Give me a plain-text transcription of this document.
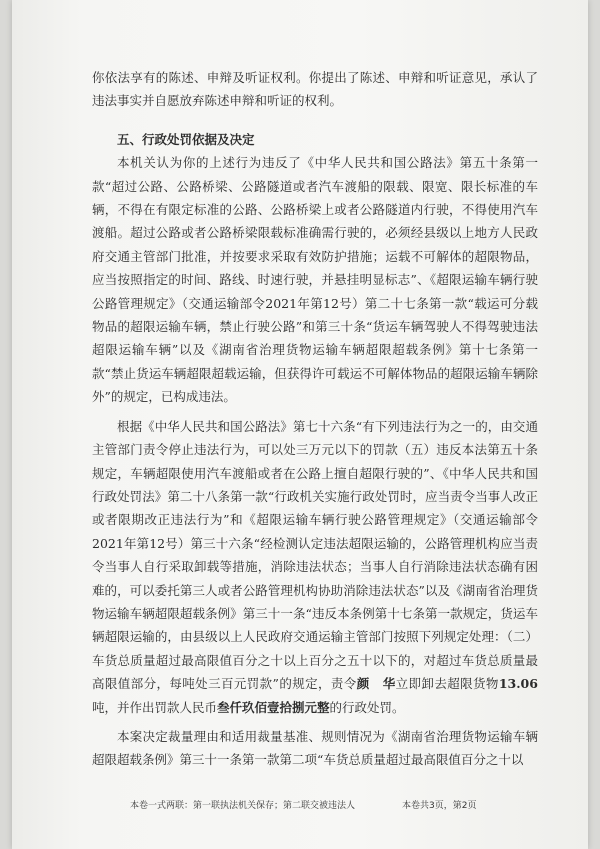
你依法享有的陈述、申辩及听证权利。你提出了陈述、申辩和听证意见，承认了违法事实并自愿放弃陈述申辩和听证的权利。

五、行政处罚依据及决定

本机关认为你的上述行为违反了《中华人民共和国公路法》第五十条第一款“超过公路、公路桥梁、公路隧道或者汽车渡船的限载、限宽、限长标准的车辆，不得在有限定标准的公路、公路桥梁上或者公路隧道内行驶，不得使用汽车渡船。超过公路或者公路桥梁限载标准确需行驶的，必须经县级以上地方人民政府交通主管部门批准，并按要求采取有效防护措施；运载不可解体的超限物品，应当按照指定的时间、路线、时速行驶，并悬挂明显标志”、《超限运输车辆行驶公路管理规定》（交通运输部令2021年第12号）第二十七条第一款“载运可分载物品的超限运输车辆，禁止行驶公路”和第三十条“货运车辆驾驶人不得驾驶违法超限运输车辆”以及《湖南省治理货物运输车辆超限超载条例》第十七条第一款“禁止货运车辆超限超载运输，但获得许可载运不可解体物品的超限运输车辆除外”的规定，已构成违法。

根据《中华人民共和国公路法》第七十六条“有下列违法行为之一的，由交通主管部门责令停止违法行为，可以处三万元以下的罚款（五）违反本法第五十条规定，车辆超限使用汽车渡船或者在公路上擅自超限行驶的”、《中华人民共和国行政处罚法》第二十八条第一款“行政机关实施行政处罚时，应当责令当事人改正或者限期改正违法行为”和《超限运输车辆行驶公路管理规定》（交通运输部令2021年第12号）第三十六条“经检测认定违法超限运输的，公路管理机构应当责令当事人自行采取卸载等措施，消除违法状态；当事人自行消除违法状态确有困难的，可以委托第三人或者公路管理机构协助消除违法状态”以及《湖南省治理货物运输车辆超限超载条例》第三十一条“违反本条例第十七条第一款规定，货运车辆超限运输的，由县级以上人民政府交通运输主管部门按照下列规定处理：（二）车货总质量超过最高限值百分之十以上百分之五十以下的，对超过车货总质量最高限值部分，每吨处三百元罚款”的规定，责令颜 华立即卸去超限货物13.06吨，并作出罚款人民币叁仟玖佰壹拾捌元整的行政处罚。

本案决定裁量理由和适用裁量基准、规则情况为《湖南省治理货物运输车辆超限超载条例》第三十一条第一款第二项“车货总质量超过最高限值百分之十以

本卷一式两联：第一联执法机关保存；第二联交被违法人	本卷共3页，第2页
